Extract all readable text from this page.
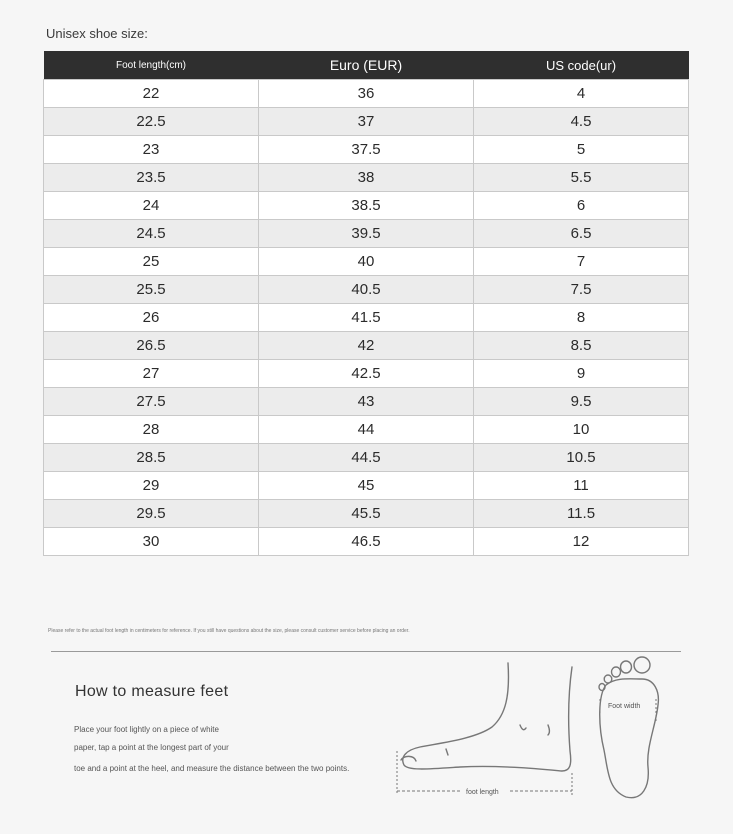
Unisex shoe size:
Foot length(cm)	Euro (EUR)	US code(ur)
22	36	4
22.5	37	4.5
23	37.5	5
23.5	38	5.5
24	38.5	6
24.5	39.5	6.5
25	40	7
25.5	40.5	7.5
26	41.5	8
26.5	42	8.5
27	42.5	9
27.5	43	9.5
28	44	10
28.5	44.5	10.5
29	45	11
29.5	45.5	11.5
30	46.5	12
Please refer to the actual foot length in centimeters for reference. If you still have questions about the size, please consult customer service before placing an order.
How to measure feet
Place your foot lightly on a piece of white
paper, tap a point at the longest part of your
toe and a point at the heel, and measure the distance between the two points.
foot length
Foot width
